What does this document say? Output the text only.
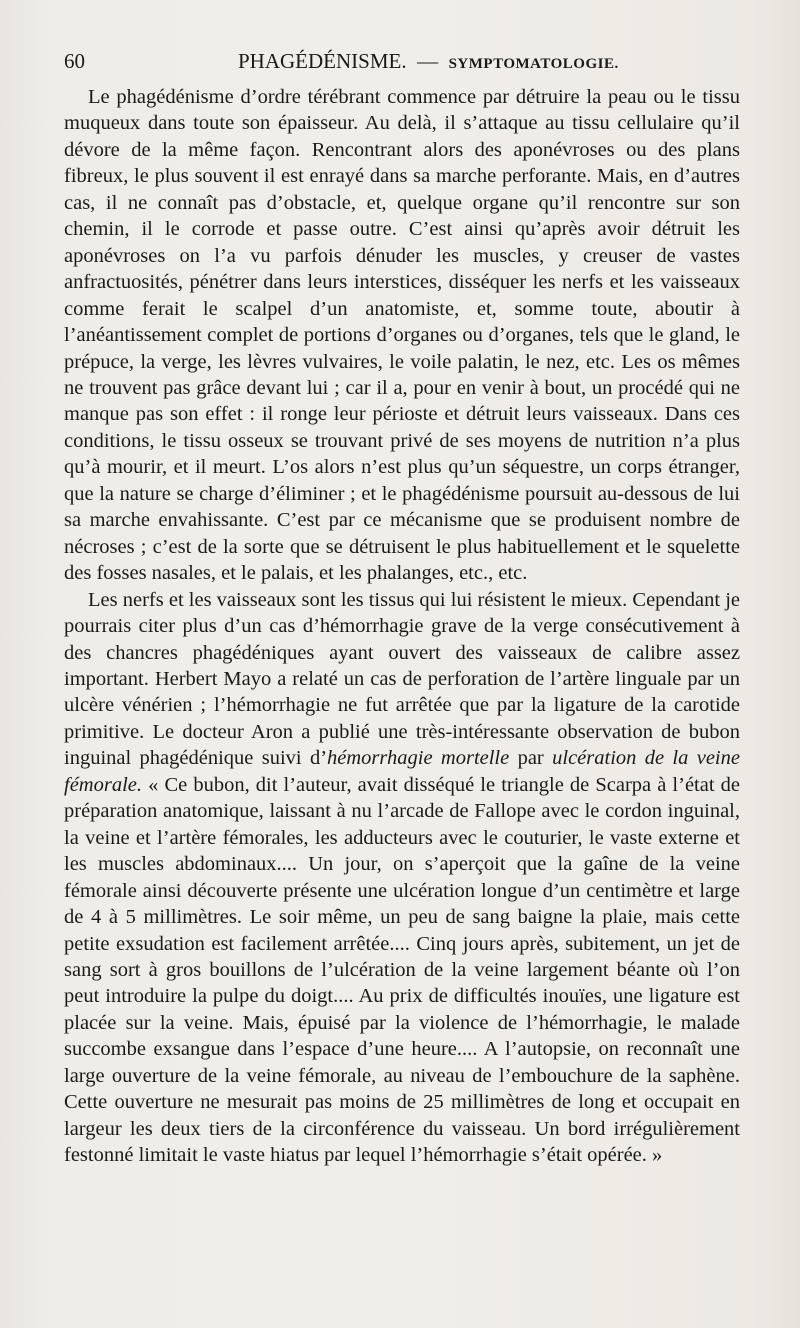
60	PHAGÉDÉNISME. — SYMPTOMATOLOGIE.

Le phagédénisme d’ordre térébrant commence par détruire la peau ou le tissu muqueux dans toute son épaisseur. Au delà, il s’attaque au tissu cellulaire qu’il dévore de la même façon. Rencontrant alors des aponévroses ou des plans fibreux, le plus souvent il est enrayé dans sa marche perforante. Mais, en d’autres cas, il ne connaît pas d’obstacle, et, quelque organe qu’il rencontre sur son chemin, il le corrode et passe outre. C’est ainsi qu’après avoir détruit les aponévroses on l’a vu parfois dénuder les muscles, y creuser de vastes anfractuosités, pénétrer dans leurs interstices, disséquer les nerfs et les vaisseaux comme ferait le scalpel d’un anatomiste, et, somme toute, aboutir à l’anéantissement complet de portions d’organes ou d’organes, tels que le gland, le prépuce, la verge, les lèvres vulvaires, le voile palatin, le nez, etc. Les os mêmes ne trouvent pas grâce devant lui ; car il a, pour en venir à bout, un procédé qui ne manque pas son effet : il ronge leur périoste et détruit leurs vaisseaux. Dans ces conditions, le tissu osseux se trouvant privé de ses moyens de nutrition n’a plus qu’à mourir, et il meurt. L’os alors n’est plus qu’un séquestre, un corps étranger, que la nature se charge d’éliminer ; et le phagédénisme poursuit au-dessous de lui sa marche envahissante. C’est par ce mécanisme que se produisent nombre de nécroses ; c’est de la sorte que se détruisent le plus habituellement et le squelette des fosses nasales, et le palais, et les phalanges, etc., etc.

Les nerfs et les vaisseaux sont les tissus qui lui résistent le mieux. Cependant je pourrais citer plus d’un cas d’hémorrhagie grave de la verge consécutivement à des chancres phagédéniques ayant ouvert des vaisseaux de calibre assez important. Herbert Mayo a relaté un cas de perforation de l’artère linguale par un ulcère vénérien ; l’hémorrhagie ne fut arrêtée que par la ligature de la carotide primitive. Le docteur Aron a publié une très-intéressante observation de bubon inguinal phagédénique suivi d’hémorrhagie mortelle par ulcération de la veine fémorale. « Ce bubon, dit l’auteur, avait disséqué le triangle de Scarpa à l’état de préparation anatomique, laissant à nu l’arcade de Fallope avec le cordon inguinal, la veine et l’artère fémorales, les adducteurs avec le couturier, le vaste externe et les muscles abdominaux.... Un jour, on s’aperçoit que la gaîne de la veine fémorale ainsi découverte présente une ulcération longue d’un centimètre et large de 4 à 5 millimètres. Le soir même, un peu de sang baigne la plaie, mais cette petite exsudation est facilement arrêtée.... Cinq jours après, subitement, un jet de sang sort à gros bouillons de l’ulcération de la veine largement béante où l’on peut introduire la pulpe du doigt.... Au prix de difficultés inouïes, une ligature est placée sur la veine. Mais, épuisé par la violence de l’hémorrhagie, le malade succombe exsangue dans l’espace d’une heure.... A l’autopsie, on reconnaît une large ouverture de la veine fémorale, au niveau de l’embouchure de la saphène. Cette ouverture ne mesurait pas moins de 25 millimètres de long et occupait en largeur les deux tiers de la circonférence du vaisseau. Un bord irrégulièrement festonné limitait le vaste hiatus par lequel l’hémorrhagie s’était opérée. »
